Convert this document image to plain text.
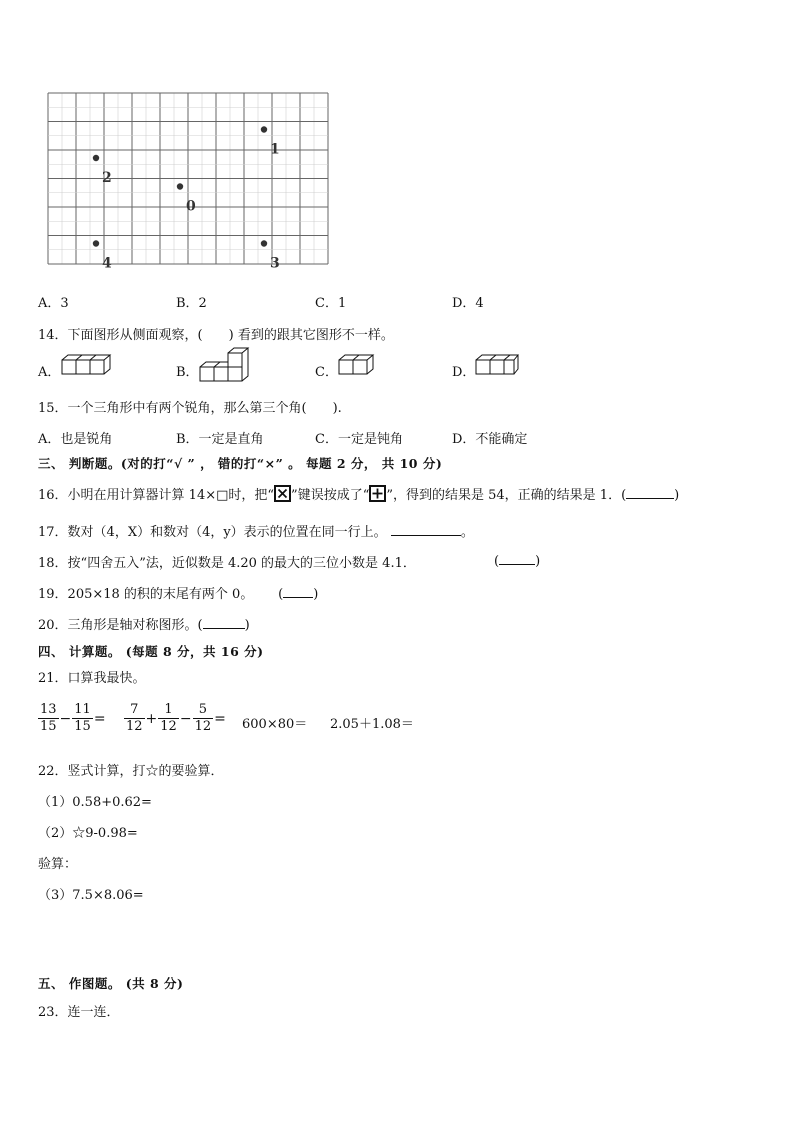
1
2
0
4	3
A．3	B．2	C．1	D．4
14．下面图形从侧面观察，(　　) 看到的跟其它图形不一样。
A．	B．	C．	D．
15．一个三角形中有两个锐角，那么第三个角(　　).
A．也是锐角	B．一定是直角	C．一定是钝角	D．不能确定
三、 判断题。(对的打“√ ” ， 错的打“×” 。 每题 2 分， 共 10 分)
16．小明在用计算器计算 14×□时，把“ ”键误按成了“ ”，得到的结果是 54，正确的结果是 1．(	)
17．数对（4，X）和数对（4，y）表示的位置在同一行上。	。
18．按“四舍五入”法，近似数是 4.20 的最大的三位小数是 4.1．	(	)
19．205×18 的积的末尾有两个 0。 ( )
20．三角形是轴对称图形。(	)
四、 计算题。 (每题 8 分，共 16 分)
21．口算我最快。
$\frac{13}{15} - \frac{11}{15} = \frac{7}{12} + \frac{1}{12} - \frac{5}{12} = 600\times 80= 2.05+1.08=$
22．竖式计算，打☆的要验算．
（1）0.58+0.62=
（2）☆9-0.98=
验算：
（3）7.5×8.06=
五、 作图题。 (共 8 分)
23．连一连．
